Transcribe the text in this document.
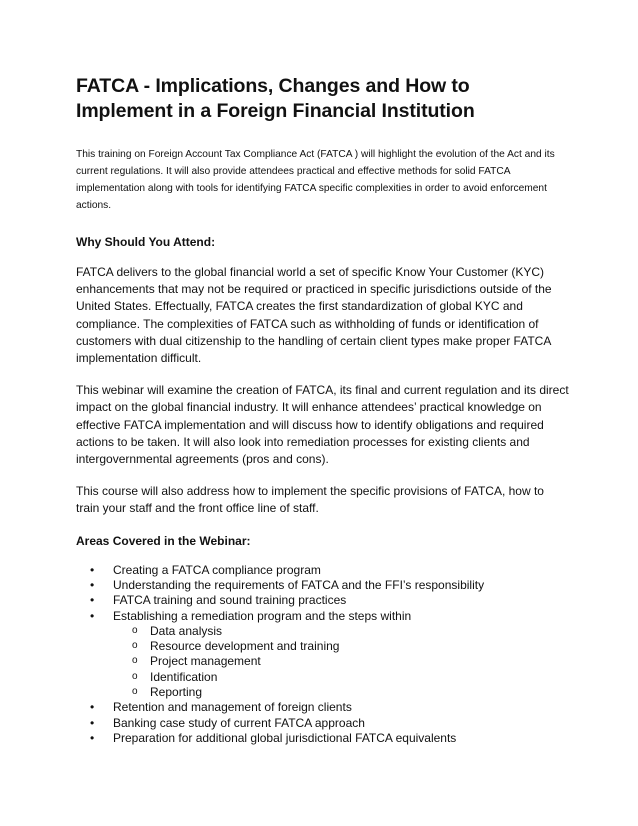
FATCA - Implications, Changes and How to Implement in a Foreign Financial Institution

This training on Foreign Account Tax Compliance Act (FATCA ) will highlight the evolution of the Act and its current regulations. It will also provide attendees practical and effective methods for solid FATCA implementation along with tools for identifying FATCA specific complexities in order to avoid enforcement actions.

Why Should You Attend:

FATCA delivers to the global financial world a set of specific Know Your Customer (KYC) enhancements that may not be required or practiced in specific jurisdictions outside of the United States. Effectually, FATCA creates the first standardization of global KYC and compliance. The complexities of FATCA such as withholding of funds or identification of customers with dual citizenship to the handling of certain client types make proper FATCA implementation difficult.

This webinar will examine the creation of FATCA, its final and current regulation and its direct impact on the global financial industry. It will enhance attendees’ practical knowledge on effective FATCA implementation and will discuss how to identify obligations and required actions to be taken. It will also look into remediation processes for existing clients and intergovernmental agreements (pros and cons).

This course will also address how to implement the specific provisions of FATCA, how to train your staff and the front office line of staff.

Areas Covered in the Webinar:
• Creating a FATCA compliance program
• Understanding the requirements of FATCA and the FFI’s responsibility
• FATCA training and sound training practices
• Establishing a remediation program and the steps within
o Data analysis
o Resource development and training
o Project management
o Identification
o Reporting
• Retention and management of foreign clients
• Banking case study of current FATCA approach
• Preparation for additional global jurisdictional FATCA equivalents
